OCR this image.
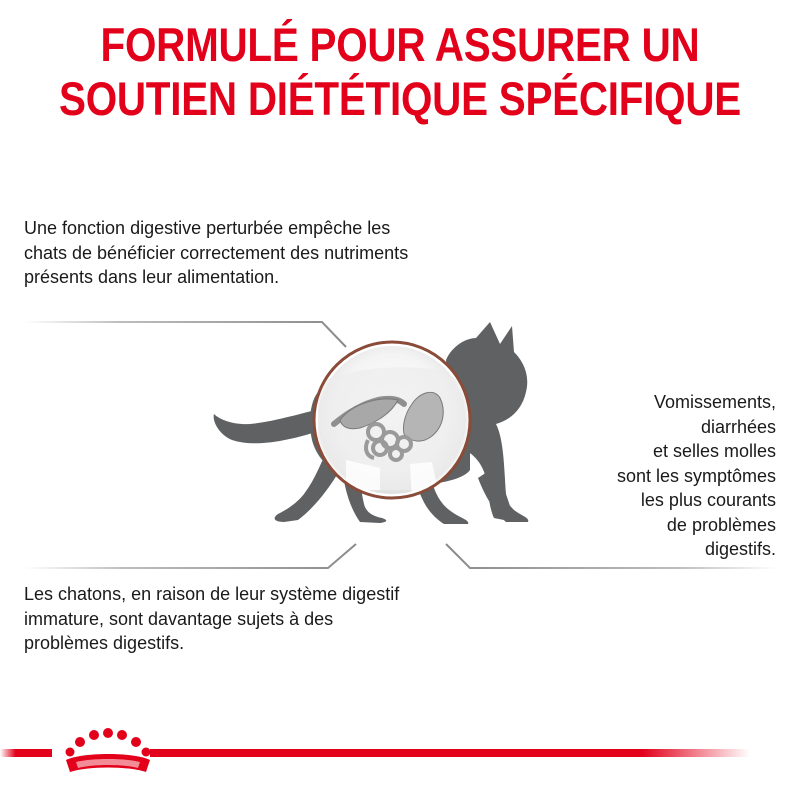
FORMULÉ POUR ASSURER UN
SOUTIEN DIÉTÉTIQUE SPÉCIFIQUE

Une fonction digestive perturbée empêche les chats de bénéficier correctement des nutriments présents dans leur alimentation.

Les chatons, en raison de leur système digestif immature, sont davantage sujets à des problèmes digestifs.

Vomissements,
diarrhées
et selles molles
sont les symptômes
les plus courants
de problèmes
digestifs.
